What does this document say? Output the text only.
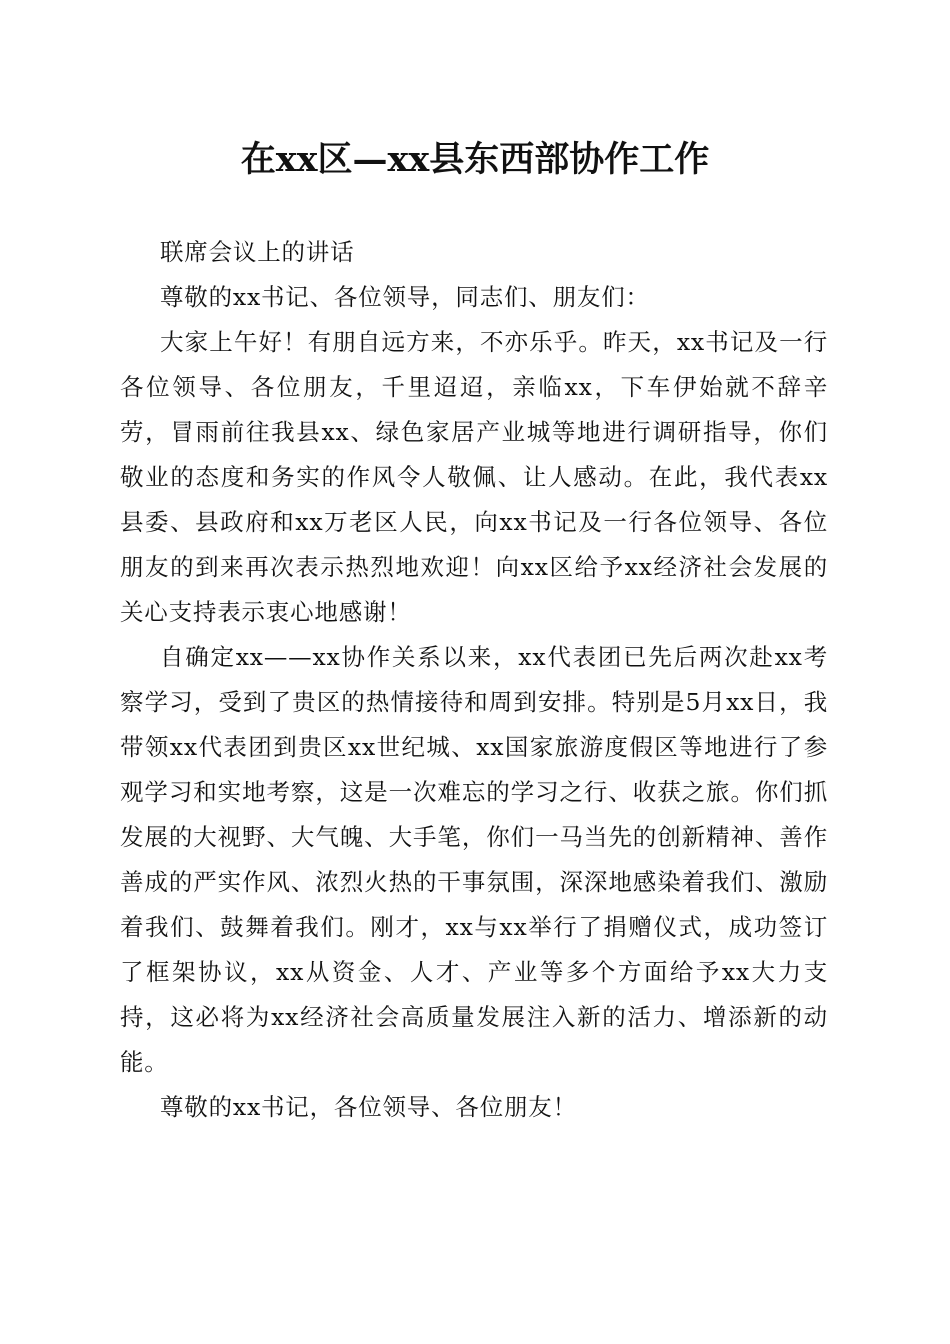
在xx区—xx县东西部协作工作

联席会议上的讲话

尊敬的xx书记、各位领导，同志们、朋友们：

大家上午好！有朋自远方来，不亦乐乎。昨天，xx书记及一行各位领导、各位朋友，千里迢迢，亲临xx，下车伊始就不辞辛劳，冒雨前往我县xx、绿色家居产业城等地进行调研指导，你们敬业的态度和务实的作风令人敬佩、让人感动。在此，我代表xx县委、县政府和xx万老区人民，向xx书记及一行各位领导、各位朋友的到来再次表示热烈地欢迎！向xx区给予xx经济社会发展的关心支持表示衷心地感谢！

自确定xx——xx协作关系以来，xx代表团已先后两次赴xx考察学习，受到了贵区的热情接待和周到安排。特别是5月xx日，我带领xx代表团到贵区xx世纪城、xx国家旅游度假区等地进行了参观学习和实地考察，这是一次难忘的学习之行、收获之旅。你们抓发展的大视野、大气魄、大手笔，你们一马当先的创新精神、善作善成的严实作风、浓烈火热的干事氛围，深深地感染着我们、激励着我们、鼓舞着我们。刚才，xx与xx举行了捐赠仪式，成功签订了框架协议，xx从资金、人才、产业等多个方面给予xx大力支持，这必将为xx经济社会高质量发展注入新的活力、增添新的动能。

尊敬的xx书记，各位领导、各位朋友！
